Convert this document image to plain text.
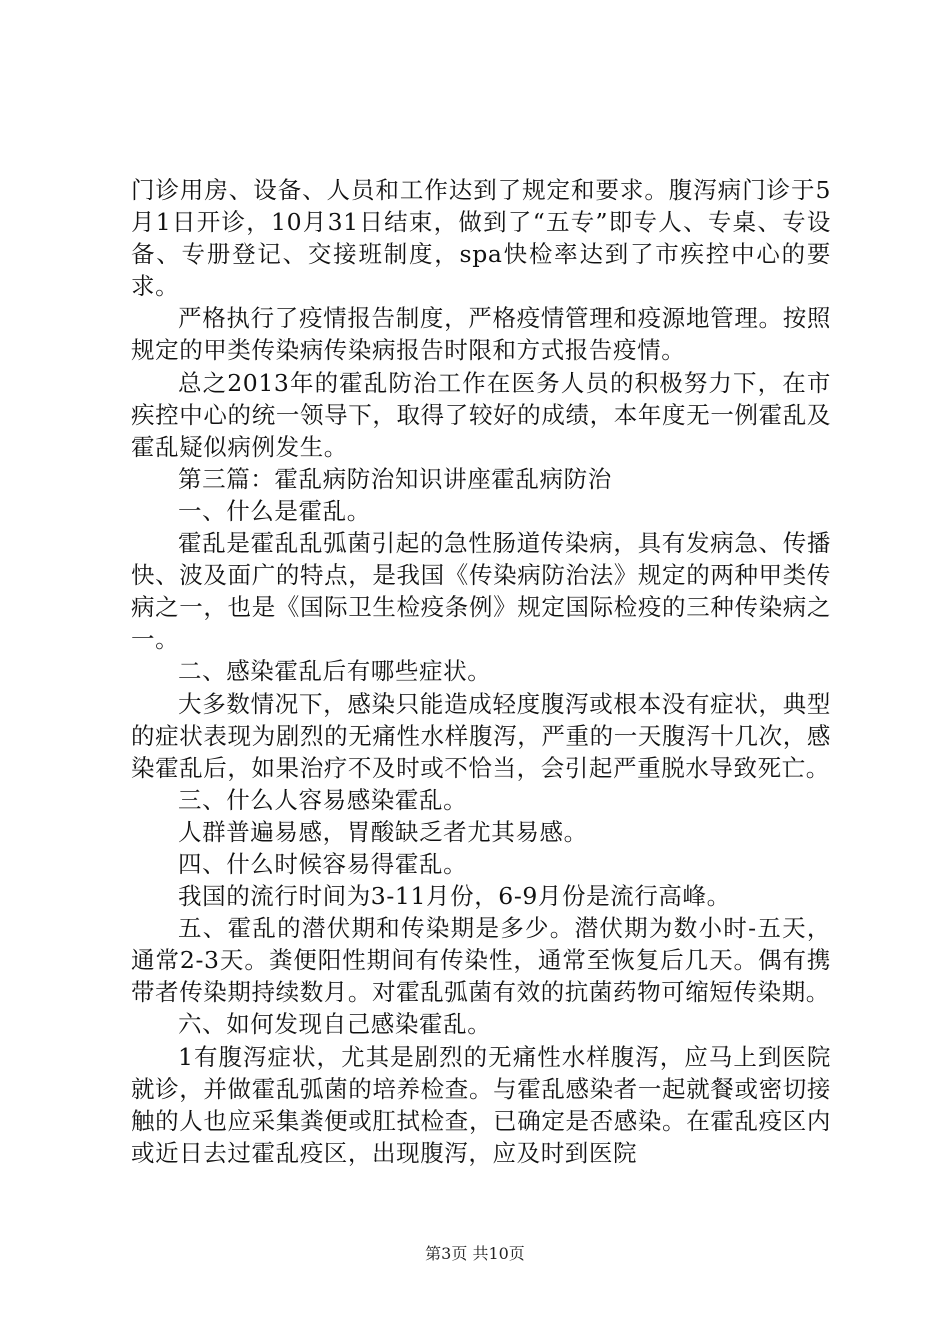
门诊用房、设备、人员和工作达到了规定和要求。腹泻病门诊于5月1日开诊，10月31日结束，做到了“五专”即专人、专桌、专设备、专册登记、交接班制度，spa快检率达到了市疾控中心的要求。

严格执行了疫情报告制度，严格疫情管理和疫源地管理。按照规定的甲类传染病传染病报告时限和方式报告疫情。

总之2013年的霍乱防治工作在医务人员的积极努力下，在市疾控中心的统一领导下，取得了较好的成绩，本年度无一例霍乱及霍乱疑似病例发生。

第三篇：霍乱病防治知识讲座霍乱病防治

一、什么是霍乱。

霍乱是霍乱乱弧菌引起的急性肠道传染病，具有发病急、传播快、波及面广的特点，是我国《传染病防治法》规定的两种甲类传病之一，也是《国际卫生检疫条例》规定国际检疫的三种传染病之一。

二、感染霍乱后有哪些症状。

大多数情况下，感染只能造成轻度腹泻或根本没有症状，典型的症状表现为剧烈的无痛性水样腹泻，严重的一天腹泻十几次，感染霍乱后，如果治疗不及时或不恰当，会引起严重脱水导致死亡。

三、什么人容易感染霍乱。

人群普遍易感，胃酸缺乏者尤其易感。

四、什么时候容易得霍乱。

我国的流行时间为3-11月份，6-9月份是流行高峰。

五、霍乱的潜伏期和传染期是多少。潜伏期为数小时-五天，通常2-3天。粪便阳性期间有传染性，通常至恢复后几天。偶有携带者传染期持续数月。对霍乱弧菌有效的抗菌药物可缩短传染期。

六、如何发现自己感染霍乱。

1有腹泻症状，尤其是剧烈的无痛性水样腹泻，应马上到医院就诊，并做霍乱弧菌的培养检查。与霍乱感染者一起就餐或密切接触的人也应采集粪便或肛拭检查，已确定是否感染。在霍乱疫区内或近日去过霍乱疫区，出现腹泻，应及时到医院

第3页 共10页
